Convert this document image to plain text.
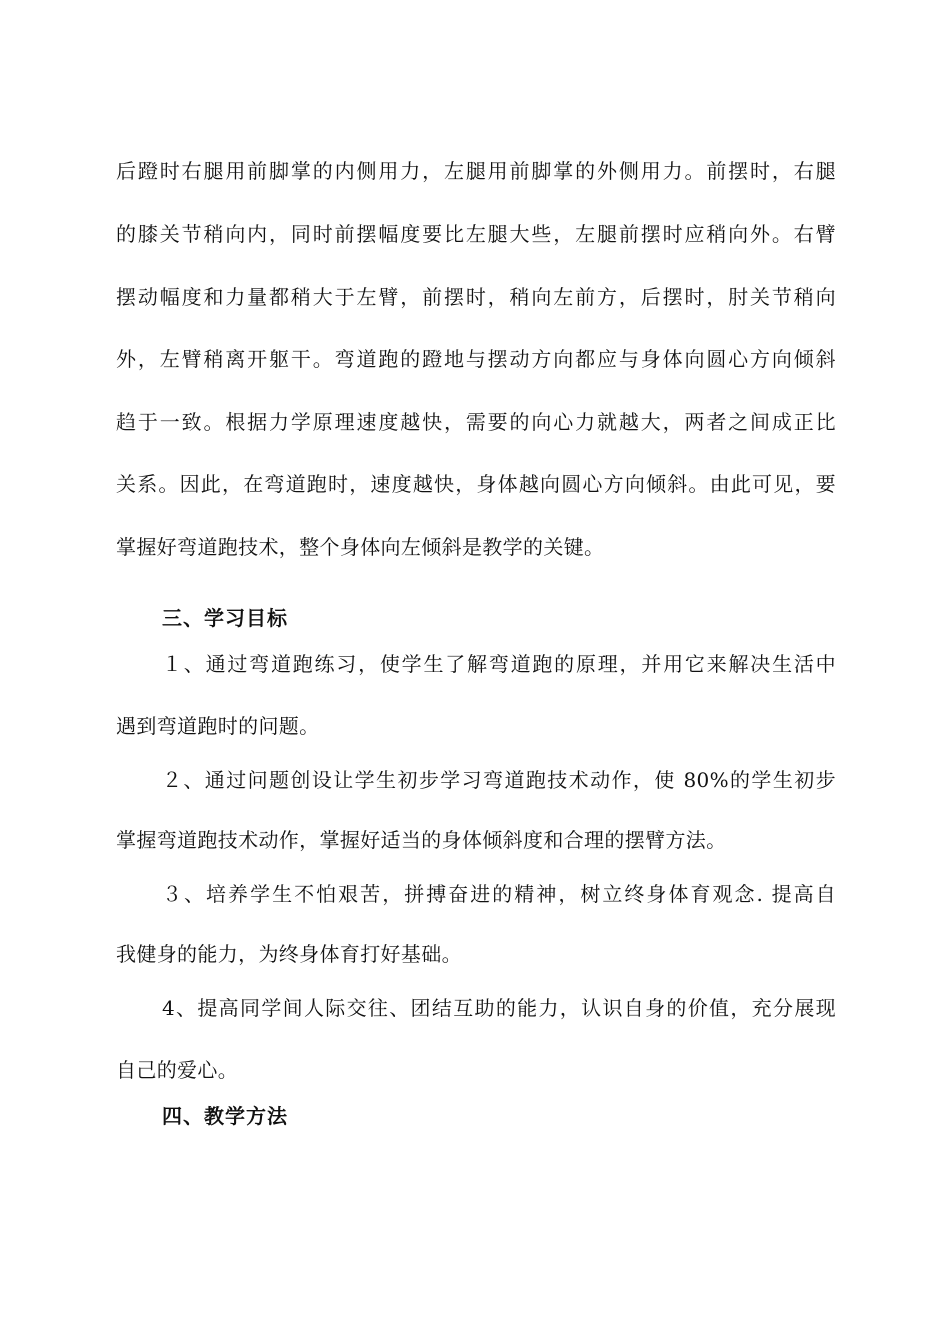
后蹬时右腿用前脚掌的内侧用力，左腿用前脚掌的外侧用力。前摆时，右腿
的膝关节稍向内，同时前摆幅度要比左腿大些，左腿前摆时应稍向外。右臂
摆动幅度和力量都稍大于左臂，前摆时，稍向左前方，后摆时，肘关节稍向
外，左臂稍离开躯干。弯道跑的蹬地与摆动方向都应与身体向圆心方向倾斜
趋于一致。根据力学原理速度越快，需要的向心力就越大，两者之间成正比
关系。因此，在弯道跑时，速度越快，身体越向圆心方向倾斜。由此可见，要
掌握好弯道跑技术，整个身体向左倾斜是教学的关键。
三、学习目标
１、通过弯道跑练习，使学生了解弯道跑的原理，并用它来解决生活中
遇到弯道跑时的问题。
２、通过问题创设让学生初步学习弯道跑技术动作，使 80%的学生初步
掌握弯道跑技术动作，掌握好适当的身体倾斜度和合理的摆臂方法。
３、培养学生不怕艰苦，拼搏奋进的精神，树立终身体育观念. 提高自
我健身的能力，为终身体育打好基础。
4、提高同学间人际交往、团结互助的能力，认识自身的价值，充分展现
自己的爱心。
四、教学方法
